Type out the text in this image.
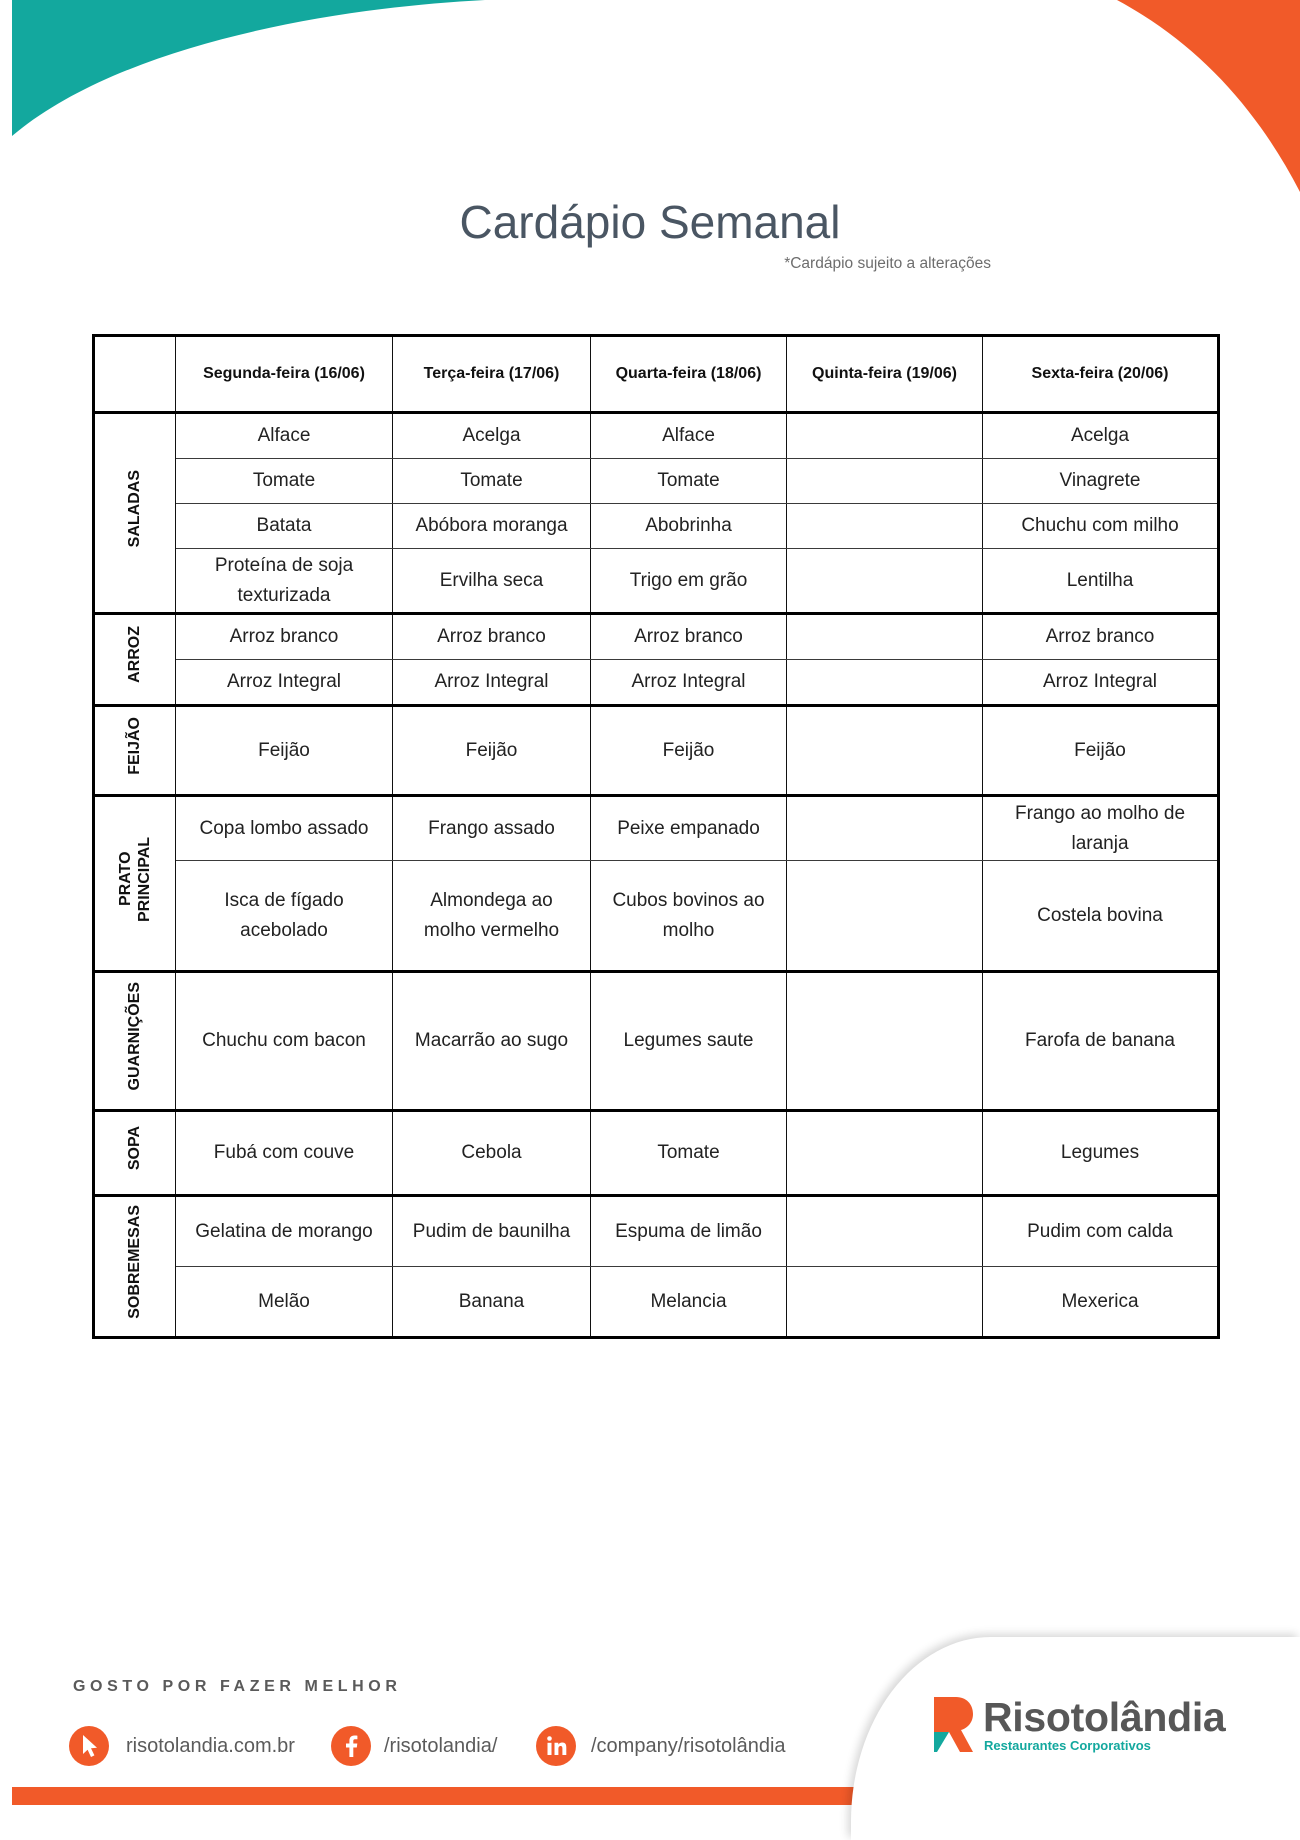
Cardápio Semanal
*Cardápio sujeito a alterações
	Segunda-feira (16/06)	Terça-feira (17/06)	Quarta-feira (18/06)	Quinta-feira (19/06)	Sexta-feira (20/06)
SALADAS	Alface	Acelga	Alface		Acelga
	Tomate	Tomate	Tomate		Vinagrete
	Batata	Abóbora moranga	Abobrinha		Chuchu com milho
	Proteína de soja texturizada	Ervilha seca	Trigo em grão		Lentilha
ARROZ	Arroz branco	Arroz branco	Arroz branco		Arroz branco
	Arroz Integral	Arroz Integral	Arroz Integral		Arroz Integral
FEIJÃO	Feijão	Feijão	Feijão		Feijão
PRATO PRINCIPAL	Copa lombo assado	Frango assado	Peixe empanado		Frango ao molho de laranja
	Isca de fígado acebolado	Almondega ao molho vermelho	Cubos bovinos ao molho		Costela bovina
GUARNIÇÕES	Chuchu com bacon	Macarrão ao sugo	Legumes saute		Farofa de banana
SOPA	Fubá com couve	Cebola	Tomate		Legumes
SOBREMESAS	Gelatina de morango	Pudim de baunilha	Espuma de limão		Pudim com calda
	Melão	Banana	Melancia		Mexerica
GOSTO POR FAZER MELHOR
risotolandia.com.br	/risotolandia/	/company/risotolândia
Risotolândia
Restaurantes Corporativos
